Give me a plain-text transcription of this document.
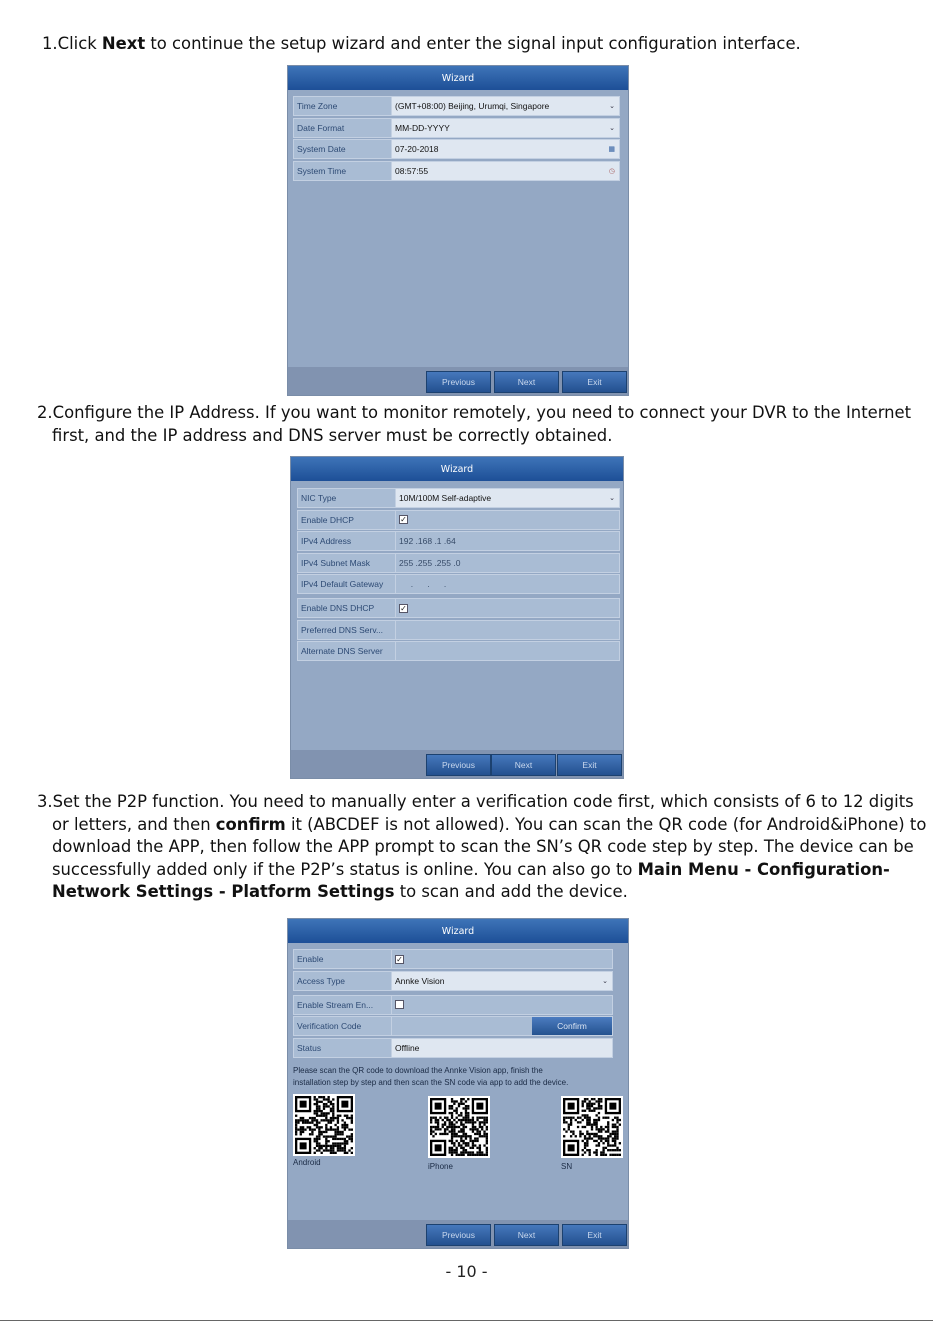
1.Click Next to continue the setup wizard and enter the signal input configuration interface.
Wizard
Time Zone	(GMT+08:00) Beijing, Urumqi, Singapore	⌄
Date Format	MM-DD-YYYY	⌄
System Date	07-20-2018	▦
System Time	08:57:55	◷
Previous	Next	Exit
2.Configure the IP Address. If you want to monitor remotely, you need to connect your DVR to the Internet
first, and the IP address and DNS server must be correctly obtained.
Wizard
NIC Type	10M/100M Self-adaptive	⌄
Enable DHCP	✓
IPv4 Address	192 .168 .1 .64
IPv4 Subnet Mask	255 .255 .255 .0
IPv4 Default Gateway	.      .      .
Enable DNS DHCP	✓
Preferred DNS Serv...
Alternate DNS Server
Previous	Next	Exit
3.Set the P2P function. You need to manually enter a verification code first, which consists of 6 to 12 digits
or letters, and then confirm it (ABCDEF is not allowed). You can scan the QR code (for Android&iPhone) to
download the APP, then follow the APP prompt to scan the SN’s QR code step by step. The device can be
successfully added only if the P2P’s status is online. You can also go to Main Menu - Configuration-
Network Settings - Platform Settings to scan and add the device.
Wizard
Enable	✓
Access Type	Annke Vision	⌄
Enable Stream En...
Verification Code	Confirm
Status	Offline
Please scan the QR code to download the Annke Vision app, finish the
installation step by step and then scan the SN code via app to add the device.
Android	iPhone	SN
Previous	Next	Exit
- 10 -
